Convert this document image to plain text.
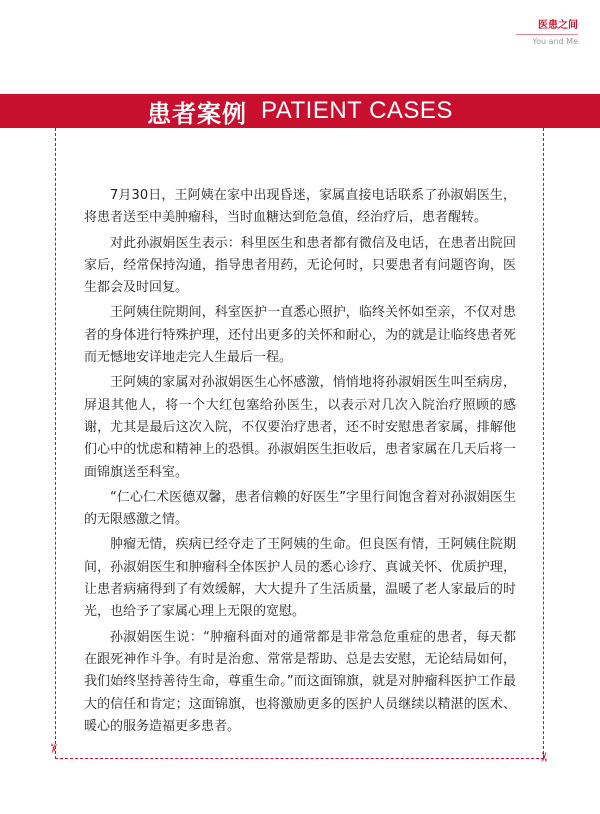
医患之间
You and Me
患者案例 PATIENT CASES
✂
✂

7月30日，王阿姨在家中出现昏迷，家属直接电话联系了孙淑娟医生，将患者送至中美肿瘤科，当时血糖达到危急值，经治疗后，患者醒转。

对此孙淑娟医生表示：科里医生和患者都有微信及电话，在患者出院回家后，经常保持沟通，指导患者用药，无论何时，只要患者有问题咨询，医生都会及时回复。

王阿姨住院期间，科室医护一直悉心照护，临终关怀如至亲，不仅对患者的身体进行特殊护理，还付出更多的关怀和耐心，为的就是让临终患者死而无憾地安详地走完人生最后一程。

王阿姨的家属对孙淑娟医生心怀感激，悄悄地将孙淑娟医生叫至病房，屏退其他人，将一个大红包塞给孙医生，以表示对几次入院治疗照顾的感谢，尤其是最后这次入院，不仅要治疗患者，还不时安慰患者家属，排解他们心中的忧虑和精神上的恐惧。孙淑娟医生拒收后，患者家属在几天后将一面锦旗送至科室。

“仁心仁术医德双馨，患者信赖的好医生”字里行间饱含着对孙淑娟医生的无限感激之情。

肿瘤无情，疾病已经夺走了王阿姨的生命。但良医有情，王阿姨住院期间，孙淑娟医生和肿瘤科全体医护人员的悉心诊疗、真诚关怀、优质护理，让患者病痛得到了有效缓解，大大提升了生活质量，温暖了老人家最后的时光，也给予了家属心理上无限的宽慰。

孙淑娟医生说：“肿瘤科面对的通常都是非常急危重症的患者，每天都在跟死神作斗争。有时是治愈、常常是帮助、总是去安慰，无论结局如何，我们始终坚持善待生命，尊重生命。”而这面锦旗，就是对肿瘤科医护工作最大的信任和肯定；这面锦旗，也将激励更多的医护人员继续以精湛的医术、暖心的服务造福更多患者。
